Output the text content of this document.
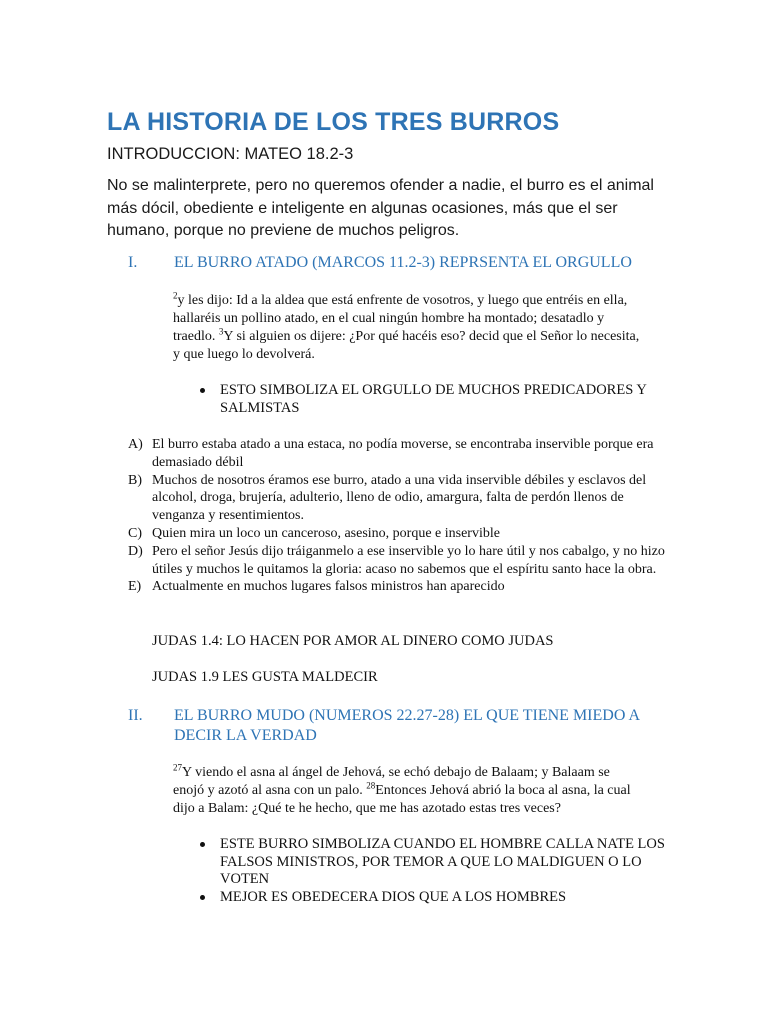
LA HISTORIA DE LOS TRES BURROS
INTRODUCCION: MATEO 18.2-3
No se malinterprete, pero no queremos ofender a nadie, el burro es el animal más dócil, obediente e inteligente en algunas ocasiones, más que el ser humano, porque no previene de muchos peligros.
I. EL BURRO ATADO (MARCOS 11.2-3) REPRSENTA EL ORGULLO
$^2$y les dijo: Id a la aldea que está enfrente de vosotros, y luego que entréis en ella, hallaréis un pollino atado, en el cual ningún hombre ha montado; desatadlo y traedlo. $^3$Y si alguien os dijere: ¿Por qué hacéis eso? decid que el Señor lo necesita, y que luego lo devolverá.
ESTO SIMBOLIZA EL ORGULLO DE MUCHOS PREDICADORES Y SALMISTAS
A) El burro estaba atado a una estaca, no podía moverse, se encontraba inservible porque era demasiado débil
B) Muchos de nosotros éramos ese burro, atado a una vida inservible débiles y esclavos del alcohol, droga, brujería, adulterio, lleno de odio, amargura, falta de perdón llenos de venganza y resentimientos.
C) Quien mira un loco un canceroso, asesino, porque e inservible
D) Pero el señor Jesús dijo tráiganmelo a ese inservible yo lo hare útil y nos cabalgo, y no hizo útiles y muchos le quitamos la gloria: acaso no sabemos que el espíritu santo hace la obra.
E) Actualmente en muchos lugares falsos ministros han aparecido
JUDAS 1.4: LO HACEN POR AMOR AL DINERO COMO JUDAS
JUDAS 1.9 LES GUSTA MALDECIR
II. EL BURRO MUDO (NUMEROS 22.27-28) EL QUE TIENE MIEDO A DECIR LA VERDAD
$^{27}$Y viendo el asna al ángel de Jehová, se echó debajo de Balaam; y Balaam se enojó y azotó al asna con un palo. $^{28}$Entonces Jehová abrió la boca al asna, la cual dijo a Balam: ¿Qué te he hecho, que me has azotado estas tres veces?
ESTE BURRO SIMBOLIZA CUANDO EL HOMBRE CALLA NATE LOS FALSOS MINISTROS, POR TEMOR A QUE LO MALDIGUEN O LO VOTEN
MEJOR ES OBEDECERA DIOS QUE A LOS HOMBRES
